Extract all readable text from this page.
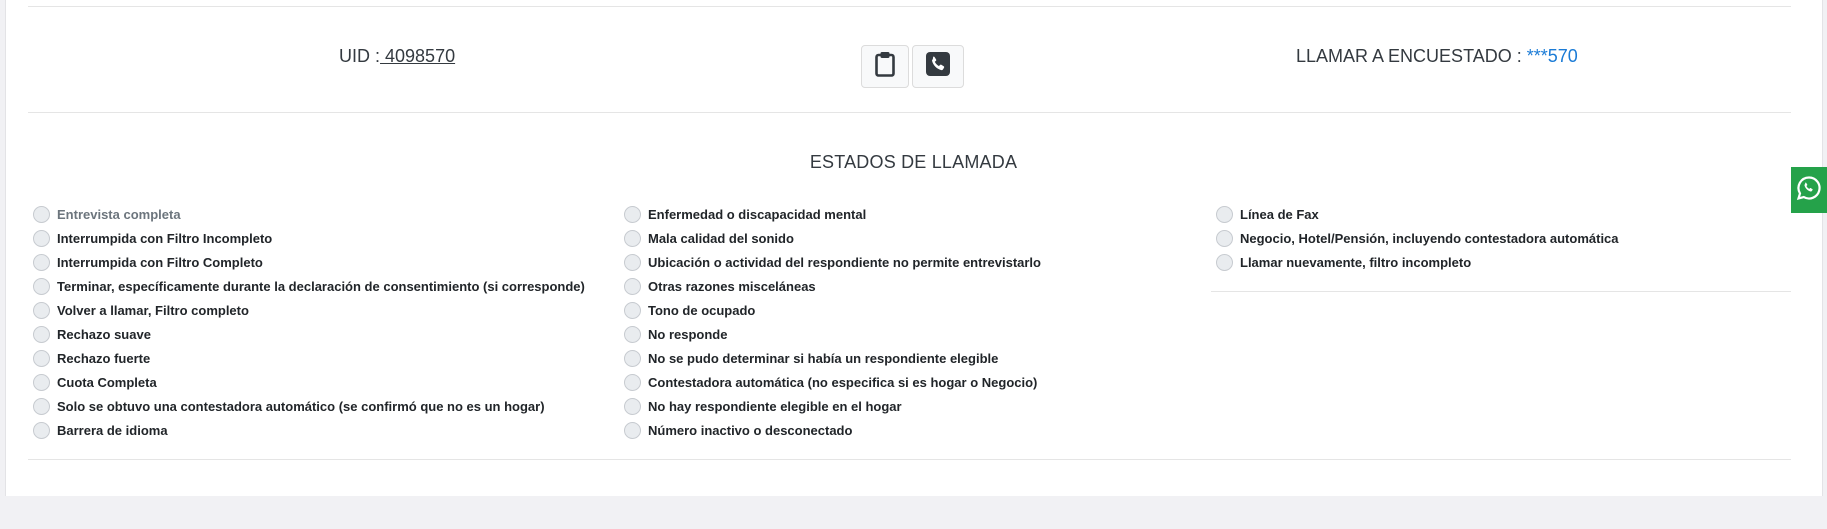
UID : 4098570	LLAMAR A ENCUESTADO : ***570
ESTADOS DE LLAMADA
Entrevista completa
Interrumpida con Filtro Incompleto
Interrumpida con Filtro Completo
Terminar, específicamente durante la declaración de consentimiento (si corresponde)
Volver a llamar, Filtro completo
Rechazo suave
Rechazo fuerte
Cuota Completa
Solo se obtuvo una contestadora automático (se confirmó que no es un hogar)
Barrera de idioma
Enfermedad o discapacidad mental
Mala calidad del sonido
Ubicación o actividad del respondiente no permite entrevistarlo
Otras razones misceláneas
Tono de ocupado
No responde
No se pudo determinar si había un respondiente elegible
Contestadora automática (no especifica si es hogar o Negocio)
No hay respondiente elegible en el hogar
Número inactivo o desconectado
Línea de Fax
Negocio, Hotel/Pensión, incluyendo contestadora automática
Llamar nuevamente, filtro incompleto
